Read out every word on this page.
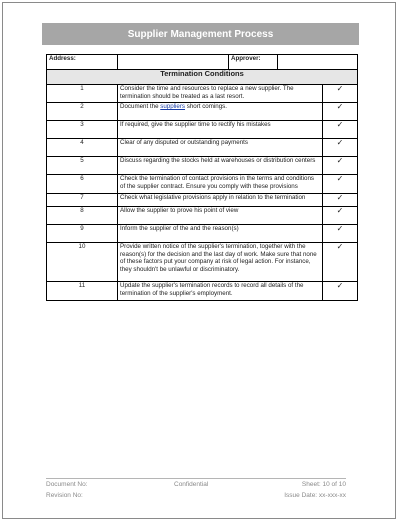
Supplier Management Process
Address:		Approver:		
Termination Conditions				
1	Consider the time and resources to replace a new supplier. The termination should be treated as a last resort.			✓
2	Document the suppliers short comings.			✓
3	If required, give the supplier time to rectify his mistakes			✓
4	Clear of any disputed or outstanding payments			✓
5	Discuss regarding the stocks held at warehouses or distribution centers			✓
6	Check the termination of contact provisions in the terms and conditions of the supplier contract. Ensure you comply with these provisions			✓
7	Check what legislative provisions apply in relation to the termination			✓
8	Allow the supplier to prove his point of view			✓
9	Inform the supplier of the and the reason(s)			✓
10	Provide written notice of the supplier's termination, together with the reason(s) for the decision and the last day of work. Make sure that none of these factors put your company at risk of legal action. For instance, they shouldn't be unlawful or discriminatory.			✓
11	Update the supplier's termination records to record all details of the termination of the supplier's employment.			✓
Document No:	Confidential	Sheet: 10 of 10
Revision No:	Issue Date: xx-xxx-xx
